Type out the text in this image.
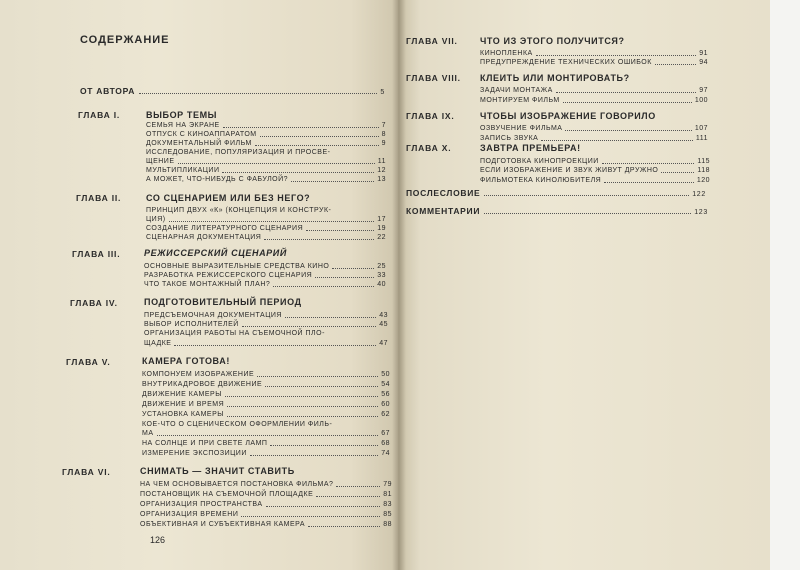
СОДЕРЖАНИЕ
ОТ АВТОРА	5
ГЛАВА I.	ВЫБОР ТЕМЫ
СЕМЬЯ НА ЭКРАНЕ	7
ОТПУСК С КИНОАППАРАТОМ	8
ДОКУМЕНТАЛЬНЫЙ ФИЛЬМ	9
ИССЛЕДОВАНИЕ, ПОПУЛЯРИЗАЦИЯ И ПРОСВЕ-
ЩЕНИЕ	11
МУЛЬТИПЛИКАЦИИ	12
А МОЖЕТ, ЧТО-НИБУДЬ С ФАБУЛОЙ?	13
ГЛАВА II.	СО СЦЕНАРИЕМ ИЛИ БЕЗ НЕГО?
ПРИНЦИП ДВУХ «К» (КОНЦЕПЦИЯ И КОНСТРУК-
ЦИЯ)	17
СОЗДАНИЕ ЛИТЕРАТУРНОГО СЦЕНАРИЯ	19
СЦЕНАРНАЯ ДОКУМЕНТАЦИЯ	22
ГЛАВА III.	РЕЖИССЕРСКИЙ СЦЕНАРИЙ
ОСНОВНЫЕ ВЫРАЗИТЕЛЬНЫЕ СРЕДСТВА КИНО	25
РАЗРАБОТКА РЕЖИССЕРСКОГО СЦЕНАРИЯ	33
ЧТО ТАКОЕ МОНТАЖНЫЙ ПЛАН?	40
ГЛАВА IV.	ПОДГОТОВИТЕЛЬНЫЙ ПЕРИОД
ПРЕДСЪЕМОЧНАЯ ДОКУМЕНТАЦИЯ	43
ВЫБОР ИСПОЛНИТЕЛЕЙ	45
ОРГАНИЗАЦИЯ РАБОТЫ НА СЪЕМОЧНОЙ ПЛО-
ЩАДКЕ	47
ГЛАВА V.	КАМЕРА ГОТОВА!
КОМПОНУЕМ ИЗОБРАЖЕНИЕ	50
ВНУТРИКАДРОВОЕ ДВИЖЕНИЕ	54
ДВИЖЕНИЕ КАМЕРЫ	56
ДВИЖЕНИЕ И ВРЕМЯ	60
УСТАНОВКА КАМЕРЫ	62
КОЕ-ЧТО О СЦЕНИЧЕСКОМ ОФОРМЛЕНИИ ФИЛЬ-
МА	67
НА СОЛНЦЕ И ПРИ СВЕТЕ ЛАМП	68
ИЗМЕРЕНИЕ ЭКСПОЗИЦИИ	74
ГЛАВА VI.	СНИМАТЬ — ЗНАЧИТ СТАВИТЬ
НА ЧЕМ ОСНОВЫВАЕТСЯ ПОСТАНОВКА ФИЛЬМА?	79
ПОСТАНОВЩИК НА СЪЕМОЧНОЙ ПЛОЩАДКЕ	81
ОРГАНИЗАЦИЯ ПРОСТРАНСТВА	83
ОРГАНИЗАЦИЯ ВРЕМЕНИ	85
ОБЪЕКТИВНАЯ И СУБЪЕКТИВНАЯ КАМЕРА	88
126
ГЛАВА VII. ЧТО ИЗ ЭТОГО ПОЛУЧИТСЯ?
КИНОПЛЕНКА	91
ПРЕДУПРЕЖДЕНИЕ ТЕХНИЧЕСКИХ ОШИБОК	94
ГЛАВА VIII. КЛЕИТЬ ИЛИ МОНТИРОВАТЬ?
ЗАДАЧИ МОНТАЖА	97
МОНТИРУЕМ ФИЛЬМ	100
ГЛАВА IX.	ЧТОБЫ ИЗОБРАЖЕНИЕ ГОВОРИЛО
ОЗВУЧЕНИЕ ФИЛЬМА	107
ЗАПИСЬ ЗВУКА	111
ГЛАВА X.	ЗАВТРА ПРЕМЬЕРА!
ПОДГОТОВКА КИНОПРОЕКЦИИ	115
ЕСЛИ ИЗОБРАЖЕНИЕ И ЗВУК ЖИВУТ ДРУЖНО	118
ФИЛЬМОТЕКА КИНОЛЮБИТЕЛЯ	120
ПОСЛЕСЛОВИЕ	122
КОММЕНТАРИИ	123
